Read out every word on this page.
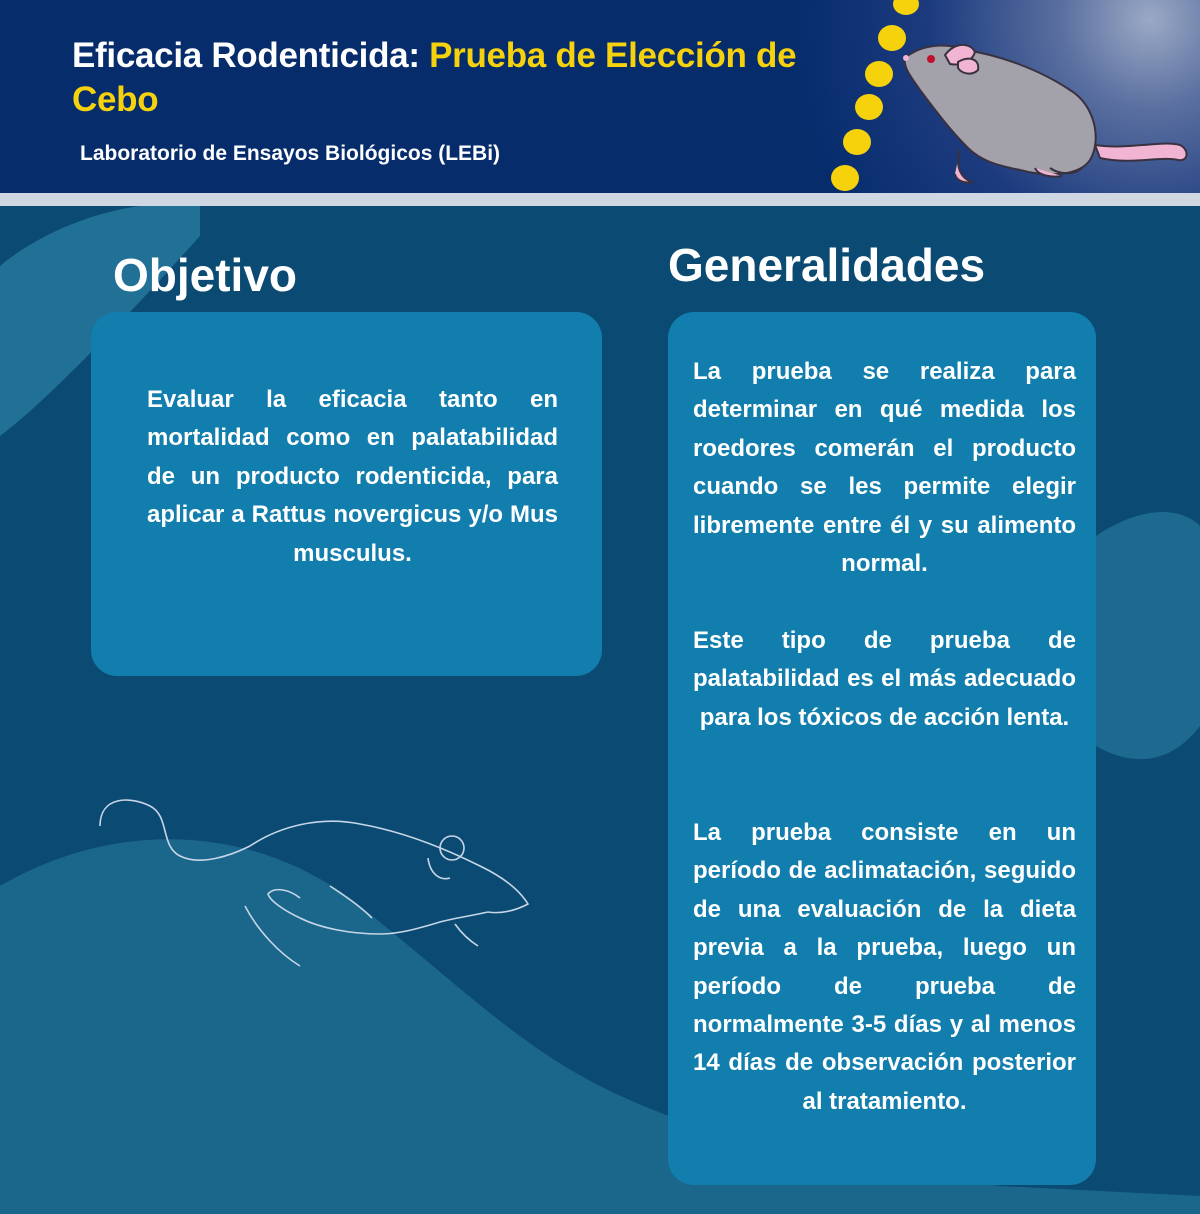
Eficacia Rodenticida: Prueba de Elección de Cebo

Laboratorio de Ensayos Biológicos (LEBi)

Objetivo

Evaluar la eficacia tanto en mortalidad como en palatabilidad de un producto rodenticida, para aplicar a Rattus novergicus y/o Mus musculus.

Generalidades

La prueba se realiza para determinar en qué medida los roedores comerán el producto cuando se les permite elegir libremente entre él y su alimento normal.

Este tipo de prueba de palatabilidad es el más adecuado para los tóxicos de acción lenta.

La prueba consiste en un período de aclimatación, seguido de una evaluación de la dieta previa a la prueba, luego un período de prueba de normalmente 3-5 días y al menos 14 días de observación posterior al tratamiento.
